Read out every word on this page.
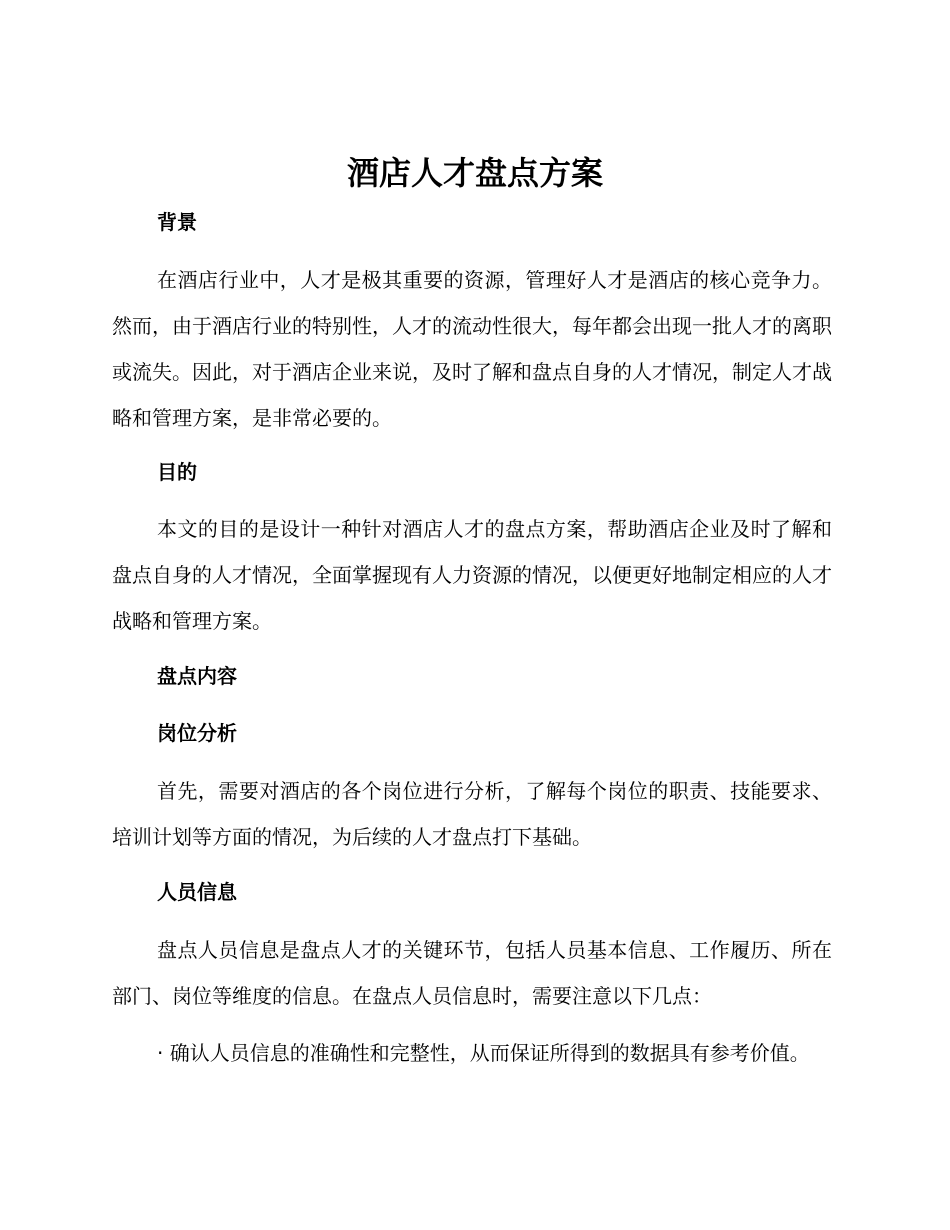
酒店人才盘点方案
背景

在酒店行业中，人才是极其重要的资源，管理好人才是酒店的核心竞争力。然而，由于酒店行业的特别性，人才的流动性很大，每年都会出现一批人才的离职或流失。因此，对于酒店企业来说，及时了解和盘点自身的人才情况，制定人才战略和管理方案，是非常必要的。

目的

本文的目的是设计一种针对酒店人才的盘点方案，帮助酒店企业及时了解和盘点自身的人才情况，全面掌握现有人力资源的情况，以便更好地制定相应的人才战略和管理方案。

盘点内容
岗位分析

首先，需要对酒店的各个岗位进行分析，了解每个岗位的职责、技能要求、培训计划等方面的情况，为后续的人才盘点打下基础。

人员信息

盘点人员信息是盘点人才的关键环节，包括人员基本信息、工作履历、所在部门、岗位等维度的信息。在盘点人员信息时，需要注意以下几点：

· 确认人员信息的准确性和完整性，从而保证所得到的数据具有参考价值。
